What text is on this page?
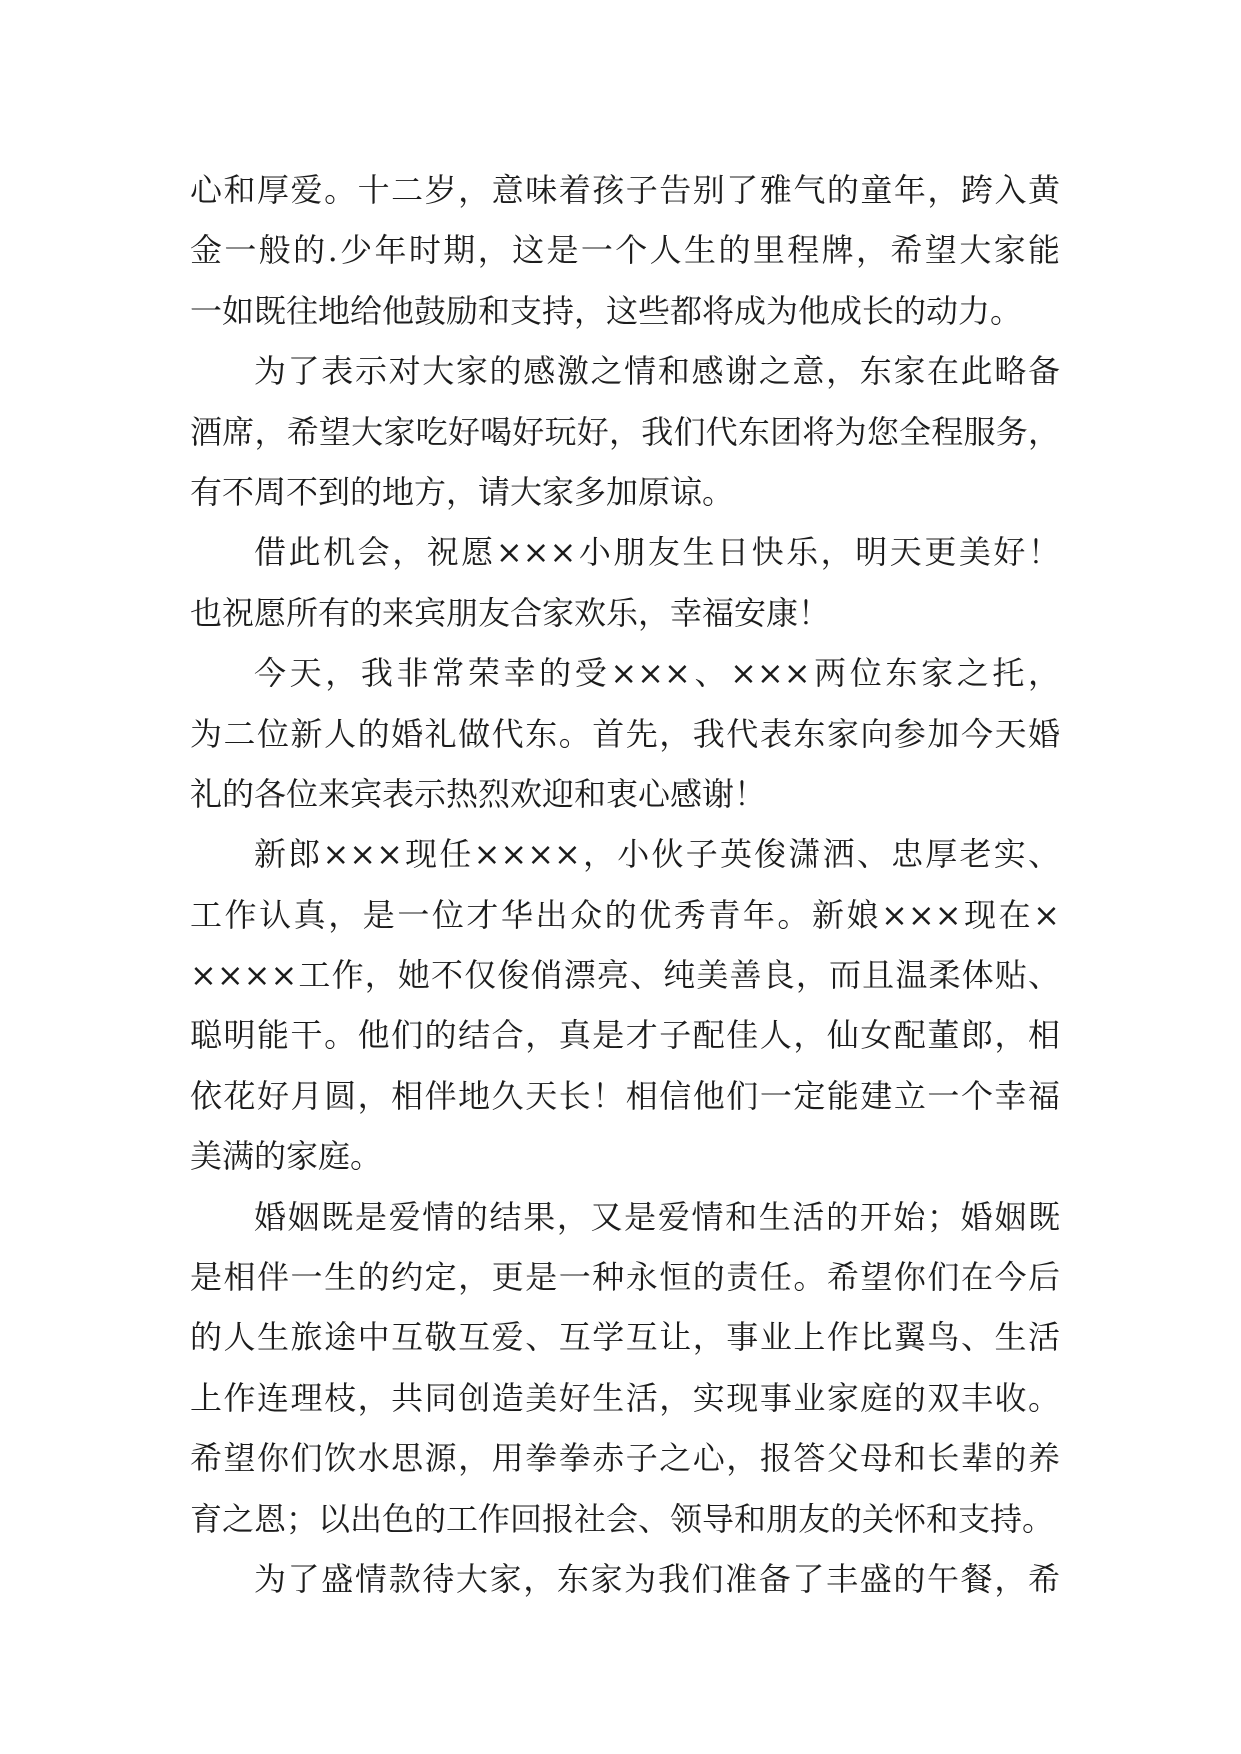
心和厚爱。十二岁，意味着孩子告别了雅气的童年，跨入黄
金一般的.少年时期，这是一个人生的里程牌，希望大家能
一如既往地给他鼓励和支持，这些都将成为他成长的动力。
为了表示对大家的感激之情和感谢之意，东家在此略备
酒席，希望大家吃好喝好玩好，我们代东团将为您全程服务，
有不周不到的地方，请大家多加原谅。
借此机会，祝愿×××小朋友生日快乐，明天更美好！
也祝愿所有的来宾朋友合家欢乐，幸福安康！
今天，我非常荣幸的受×××、×××两位东家之托，
为二位新人的婚礼做代东。首先，我代表东家向参加今天婚
礼的各位来宾表示热烈欢迎和衷心感谢！
新郎×××现任××××，小伙子英俊潇洒、忠厚老实、
工作认真，是一位才华出众的优秀青年。新娘×××现在×
××××工作，她不仅俊俏漂亮、纯美善良，而且温柔体贴、
聪明能干。他们的结合，真是才子配佳人，仙女配董郎，相
依花好月圆，相伴地久天长！相信他们一定能建立一个幸福
美满的家庭。
婚姻既是爱情的结果，又是爱情和生活的开始；婚姻既
是相伴一生的约定，更是一种永恒的责任。希望你们在今后
的人生旅途中互敬互爱、互学互让，事业上作比翼鸟、生活
上作连理枝，共同创造美好生活，实现事业家庭的双丰收。
希望你们饮水思源，用拳拳赤子之心，报答父母和长辈的养
育之恩；以出色的工作回报社会、领导和朋友的关怀和支持。
为了盛情款待大家，东家为我们准备了丰盛的午餐，希
